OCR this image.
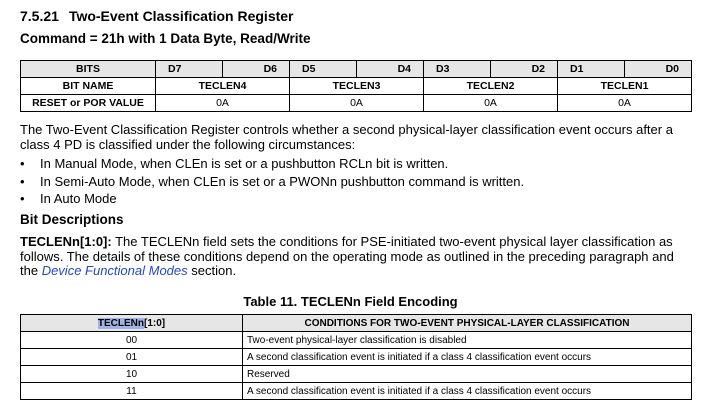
7.5.21 Two-Event Classification Register
Command = 21h with 1 Data Byte, Read/Write
BITS	D7	D6	D5	D4	D3	D2	D1	D0
BIT NAME	TECLEN4		TECLEN3		TECLEN2		TECLEN1	
RESET or POR VALUE	0A		0A		0A		0A	
The Two-Event Classification Register controls whether a second physical-layer classification event occurs after a class 4 PD is classified under the following circumstances:
• In Manual Mode, when CLEn is set or a pushbutton RCLn bit is written.
• In Semi-Auto Mode, when CLEn is set or a PWONn pushbutton command is written.
• In Auto Mode
Bit Descriptions
TECLENn[1:0]: The TECLENn field sets the conditions for PSE-initiated two-event physical layer classification as follows. The details of these conditions depend on the operating mode as outlined in the preceding paragraph and the Device Functional Modes section.
Table 11. TECLENn Field Encoding
TECLENn[1:0]	CONDITIONS FOR TWO-EVENT PHYSICAL-LAYER CLASSIFICATION
00	Two-event physical-layer classification is disabled
01	A second classification event is initiated if a class 4 classification event occurs
10	Reserved
11	A second classification event is initiated if a class 4 classification event occurs
